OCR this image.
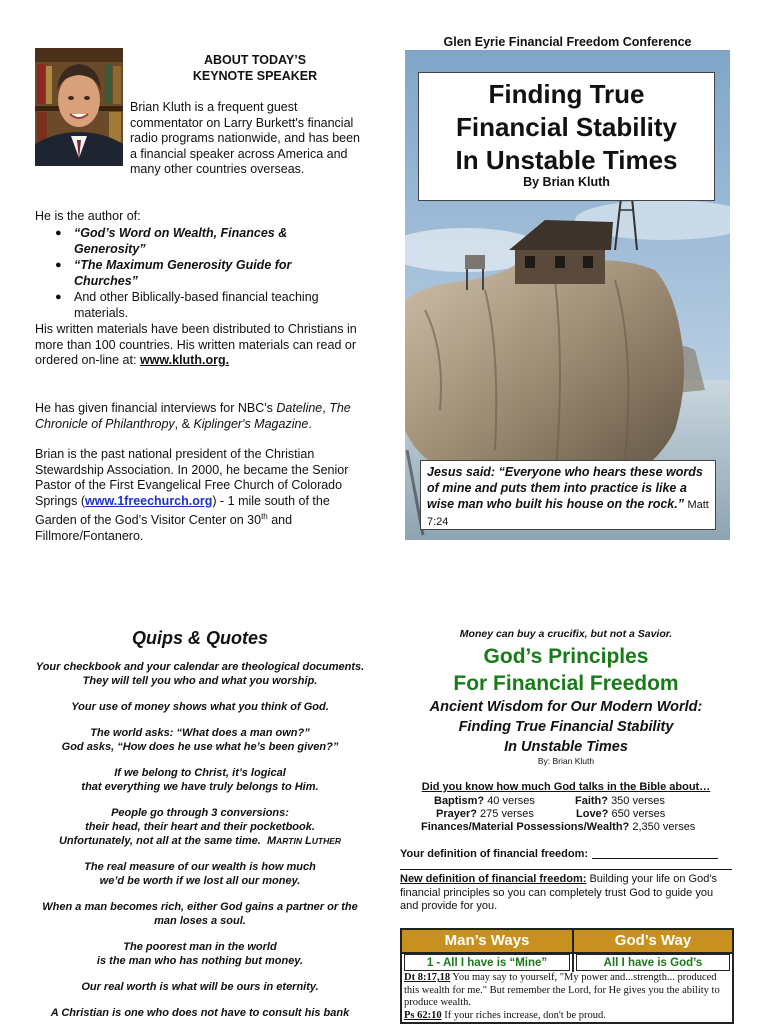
ABOUT TODAY’S
KEYNOTE SPEAKER
Brian Kluth is a frequent guest commentator on Larry Burkett's financial radio programs nationwide, and has been a financial speaker across America and many other countries overseas.
He is the author of:
● “God’s Word on Wealth, Finances & Generosity”
● “The Maximum Generosity Guide for Churches”
● And other Biblically-based financial teaching materials.
His written materials have been distributed to Christians in more than 100 countries. His written materials can read or ordered on-line at: www.kluth.org.
He has given financial interviews for NBC's Dateline, The Chronicle of Philanthropy, & Kiplinger's Magazine.
Brian is the past national president of the Christian Stewardship Association. In 2000, he became the Senior Pastor of the First Evangelical Free Church of Colorado Springs (www.1freechurch.org) - 1 mile south of the Garden of the God’s Visitor Center on 30th and Fillmore/Fontanero.
Glen Eyrie Financial Freedom Conference
Finding True
Financial Stability
In Unstable Times
By Brian Kluth
Jesus said: “Everyone who hears these words of mine and puts them into practice is like a wise man who built his house on the rock.” Matt 7:24
Quips & Quotes

Your checkbook and your calendar are theological documents. They will tell you who and what you worship.

Your use of money shows what you think of God.

The world asks: “What does a man own?”
God asks, “How does he use what he’s been given?”

If we belong to Christ, it’s logical
that everything we have truly belongs to Him.

People go through 3 conversions:
their head, their heart and their pocketbook.
Unfortunately, not all at the same time. MARTIN LUTHER

The real measure of our wealth is how much
we’d be worth if we lost all our money.

When a man becomes rich, either God gains a partner or the man loses a soul.

The poorest man in the world
is the man who has nothing but money.

Our real worth is what will be ours in eternity.

A Christian is one who does not have to consult his bank

Money can buy a crucifix, but not a Savior.
God’s Principles
For Financial Freedom
Ancient Wisdom for Our Modern World:
Finding True Financial Stability
In Unstable Times
By: Brian Kluth
Did you know how much God talks in the Bible about…
Baptism? 40 verses	Faith? 350 verses
Prayer? 275 verses	Love? 650 verses
Finances/Material Possessions/Wealth? 2,350 verses
Your definition of financial freedom:
New definition of financial freedom: Building your life on God’s financial principles so you can completely trust God to guide you and provide for you.
Man’s Ways	God’s Way
1 - All I have is “Mine”	All I have is God’s
Dt 8:17,18 You may say to yourself, "My power and...strength... produced this wealth for me." But remember the Lord, for He gives you the ability to produce wealth.
Ps 62:10 If your riches increase, don't be proud.
